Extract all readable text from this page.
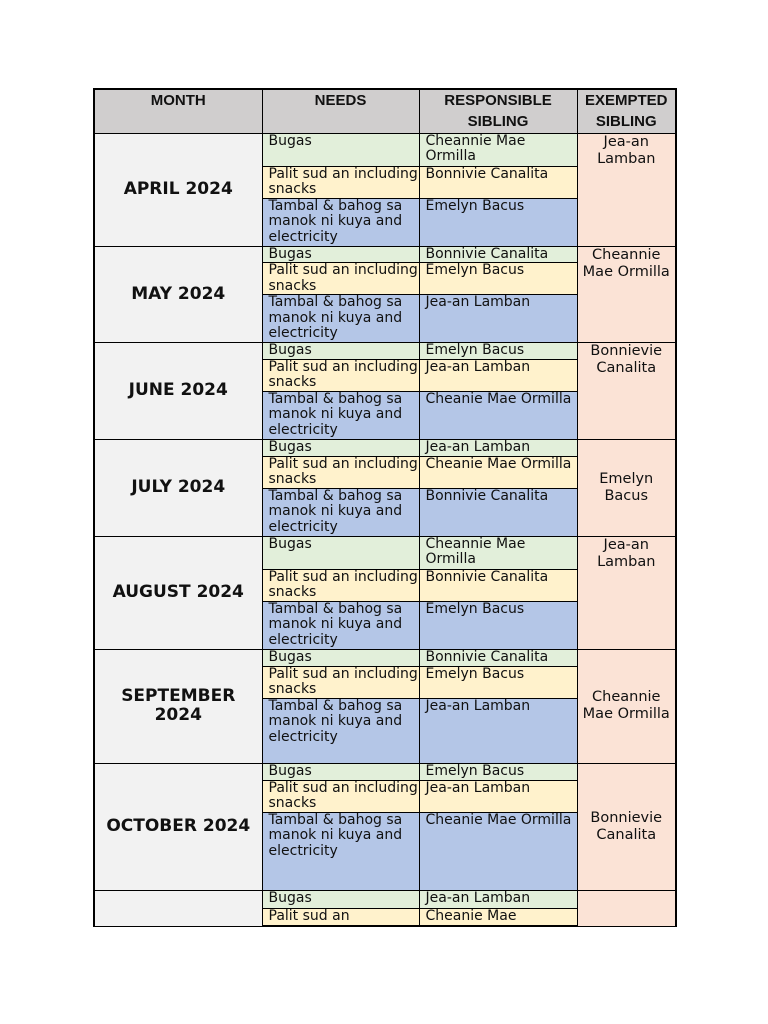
MONTH	NEEDS	RESPONSIBLE SIBLING	EXEMPTED SIBLING
APRIL 2024	Bugas	Cheannie Mae Ormilla	Jea-an Lamban
	Palit sud an including snacks	Bonnivie Canalita	
	Tambal & bahog sa manok ni kuya and electricity	Emelyn Bacus	
MAY 2024	Bugas	Bonnivie Canalita	Cheannie Mae Ormilla
	Palit sud an including snacks	Emelyn Bacus	
	Tambal & bahog sa manok ni kuya and electricity	Jea-an Lamban	
JUNE 2024	Bugas	Emelyn Bacus	Bonnievie Canalita
	Palit sud an including snacks	Jea-an Lamban	
	Tambal & bahog sa manok ni kuya and electricity	Cheanie Mae Ormilla	
JULY 2024	Bugas	Jea-an Lamban	Emelyn Bacus
	Palit sud an including snacks	Cheanie Mae Ormilla	
	Tambal & bahog sa manok ni kuya and electricity	Bonnivie Canalita	
AUGUST 2024	Bugas	Cheannie Mae Ormilla	Jea-an Lamban
	Palit sud an including snacks	Bonnivie Canalita	
	Tambal & bahog sa manok ni kuya and electricity	Emelyn Bacus	
SEPTEMBER 2024	Bugas	Bonnivie Canalita	Cheannie Mae Ormilla
	Palit sud an including snacks	Emelyn Bacus	
	Tambal & bahog sa manok ni kuya and electricity	Jea-an Lamban	
OCTOBER 2024	Bugas	Emelyn Bacus	Bonnievie Canalita
	Palit sud an including snacks	Jea-an Lamban	
	Tambal & bahog sa manok ni kuya and electricity	Cheanie Mae Ormilla	
	Bugas	Jea-an Lamban	
	Palit sud an	Cheanie Mae	
